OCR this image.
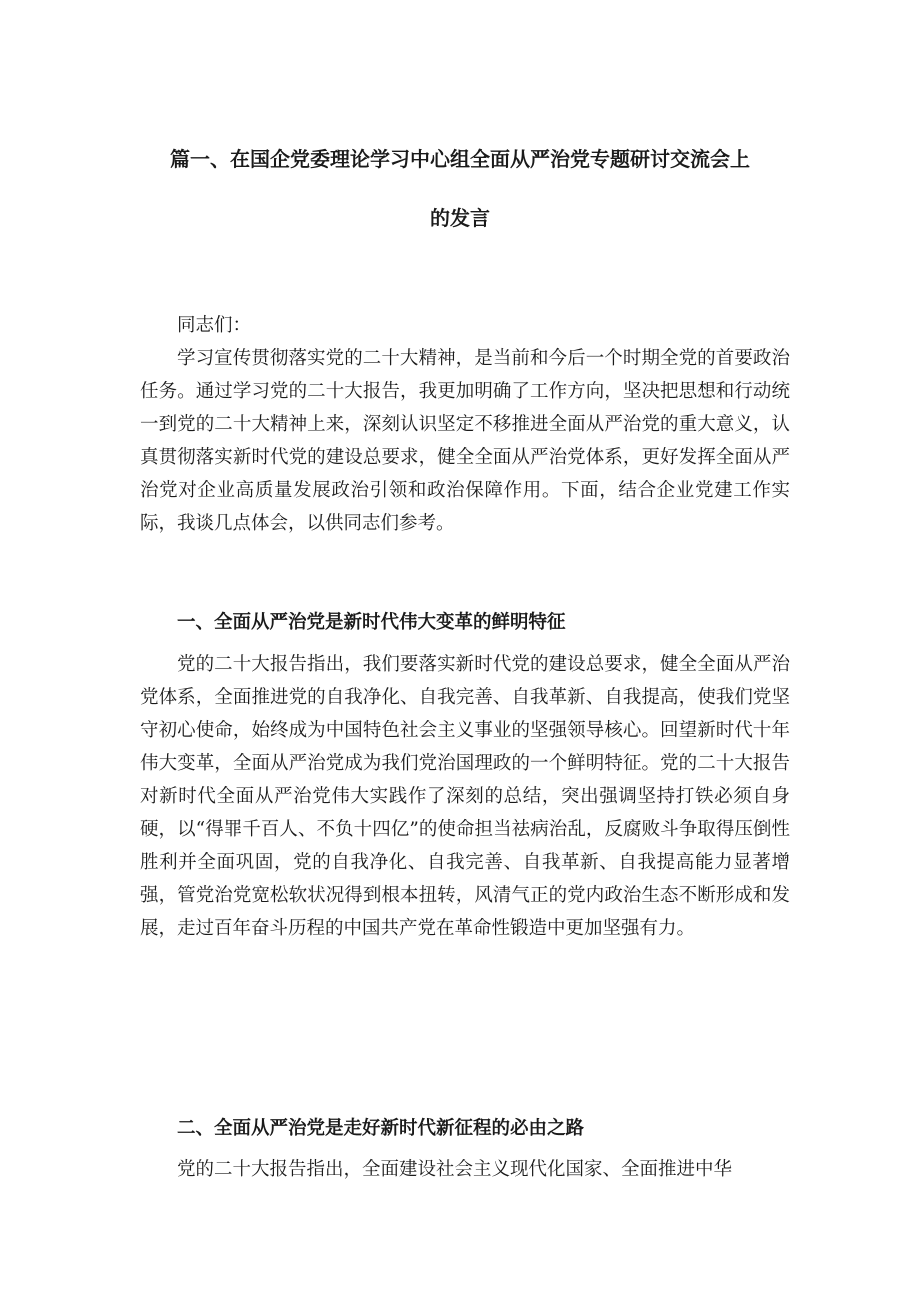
篇一、在国企党委理论学习中心组全面从严治党专题研讨交流会上
的发言

同志们：

学习宣传贯彻落实党的二十大精神，是当前和今后一个时期全党的首要政治任务。通过学习党的二十大报告，我更加明确了工作方向，坚决把思想和行动统一到党的二十大精神上来，深刻认识坚定不移推进全面从严治党的重大意义，认真贯彻落实新时代党的建设总要求，健全全面从严治党体系，更好发挥全面从严治党对企业高质量发展政治引领和政治保障作用。下面，结合企业党建工作实际，我谈几点体会，以供同志们参考。

一、全面从严治党是新时代伟大变革的鲜明特征

党的二十大报告指出，我们要落实新时代党的建设总要求，健全全面从严治党体系，全面推进党的自我净化、自我完善、自我革新、自我提高，使我们党坚守初心使命，始终成为中国特色社会主义事业的坚强领导核心。回望新时代十年伟大变革，全面从严治党成为我们党治国理政的一个鲜明特征。党的二十大报告对新时代全面从严治党伟大实践作了深刻的总结，突出强调坚持打铁必须自身硬，以“得罪千百人、不负十四亿”的使命担当祛病治乱，反腐败斗争取得压倒性胜利并全面巩固，党的自我净化、自我完善、自我革新、自我提高能力显著增强，管党治党宽松软状况得到根本扭转，风清气正的党内政治生态不断形成和发展，走过百年奋斗历程的中国共产党在革命性锻造中更加坚强有力。

二、全面从严治党是走好新时代新征程的必由之路

党的二十大报告指出，全面建设社会主义现代化国家、全面推进中华
